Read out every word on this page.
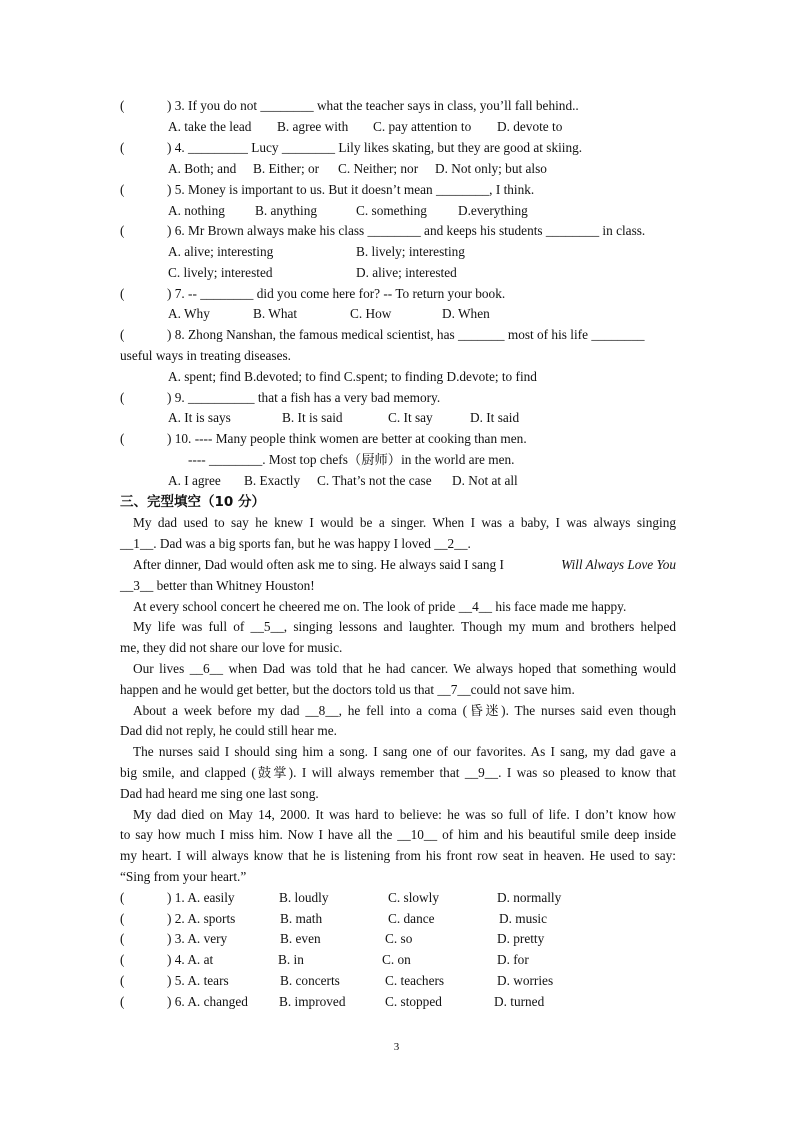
(	) 3. If you do not ________ what the teacher says in class, you’ll fall behind..
A. take the lead B. agree with C. pay attention to D. devote to
(	) 4. _________ Lucy ________ Lily likes skating, but they are good at skiing.
A. Both; and B. Either; or C. Neither; nor D. Not only; but also
(	) 5. Money is important to us. But it doesn’t mean ________, I think.
A. nothing B. anything	C. something D.everything
(	) 6. Mr Brown always make his class ________ and keeps his students ________ in class.
A. alive; interesting	B. lively; interesting
C. lively; interested	D. alive; interested
(	) 7. -- ________ did you come here for? -- To return your book.
A. Why	B. What	C. How	D. When
(	) 8. Zhong Nanshan, the famous medical scientist, has _______ most of his life ________
useful ways in treating diseases.
A. spent; find B.devoted; to find C.spent; to finding D.devote; to find
(	) 9. __________ that a fish has a very bad memory.
A. It is says	B. It is said	C. It say	D. It said
(	) 10. ---- Many people think women are better at cooking than men.
---- ________. Most top chefs（厨师）in the world are men.
A. I agree B. Exactly C. That’s not the case D. Not at all
三、完型填空（10 分）
My dad used to say he knew I would be a singer. When I was a baby, I was always singing
__1__. Dad was a big sports fan, but he was happy I loved __2__.
After dinner, Dad would often ask me to sing. He always said I sang I	Will Always Love You
__3__ better than Whitney Houston!
At every school concert he cheered me on. The look of pride __4__ his face made me happy.
My life was full of __5__, singing lessons and laughter. Though my mum and brothers helped
me, they did not share our love for music.
Our lives __6__ when Dad was told that he had cancer. We always hoped that something would
happen and he would get better, but the doctors told us that __7__could not save him.
About a week before my dad __8__, he fell into a coma (昏迷). The nurses said even though
Dad did not reply, he could still hear me.
The nurses said I should sing him a song. I sang one of our favorites. As I sang, my dad gave a
big smile, and clapped (鼓掌). I will always remember that __9__. I was so pleased to know that
Dad had heard me sing one last song.
My dad died on May 14, 2000. It was hard to believe: he was so full of life. I don’t know how
to say how much I miss him. Now I have all the __10__ of him and his beautiful smile deep inside
my heart. I will always know that he is listening from his front row seat in heaven. He used to say:
“Sing from your heart.”
(	) 1. A. easily	B. loudly	C. slowly	D. normally
(	) 2. A. sports	B. math	C. dance	D. music
(	) 3. A. very	B. even	C. so	D. pretty
(	) 4. A. at	B. in	C. on	D. for
(	) 5. A. tears	B. concerts	C. teachers	D. worries
(	) 6. A. changed B. improved	C. stopped	D. turned
3
